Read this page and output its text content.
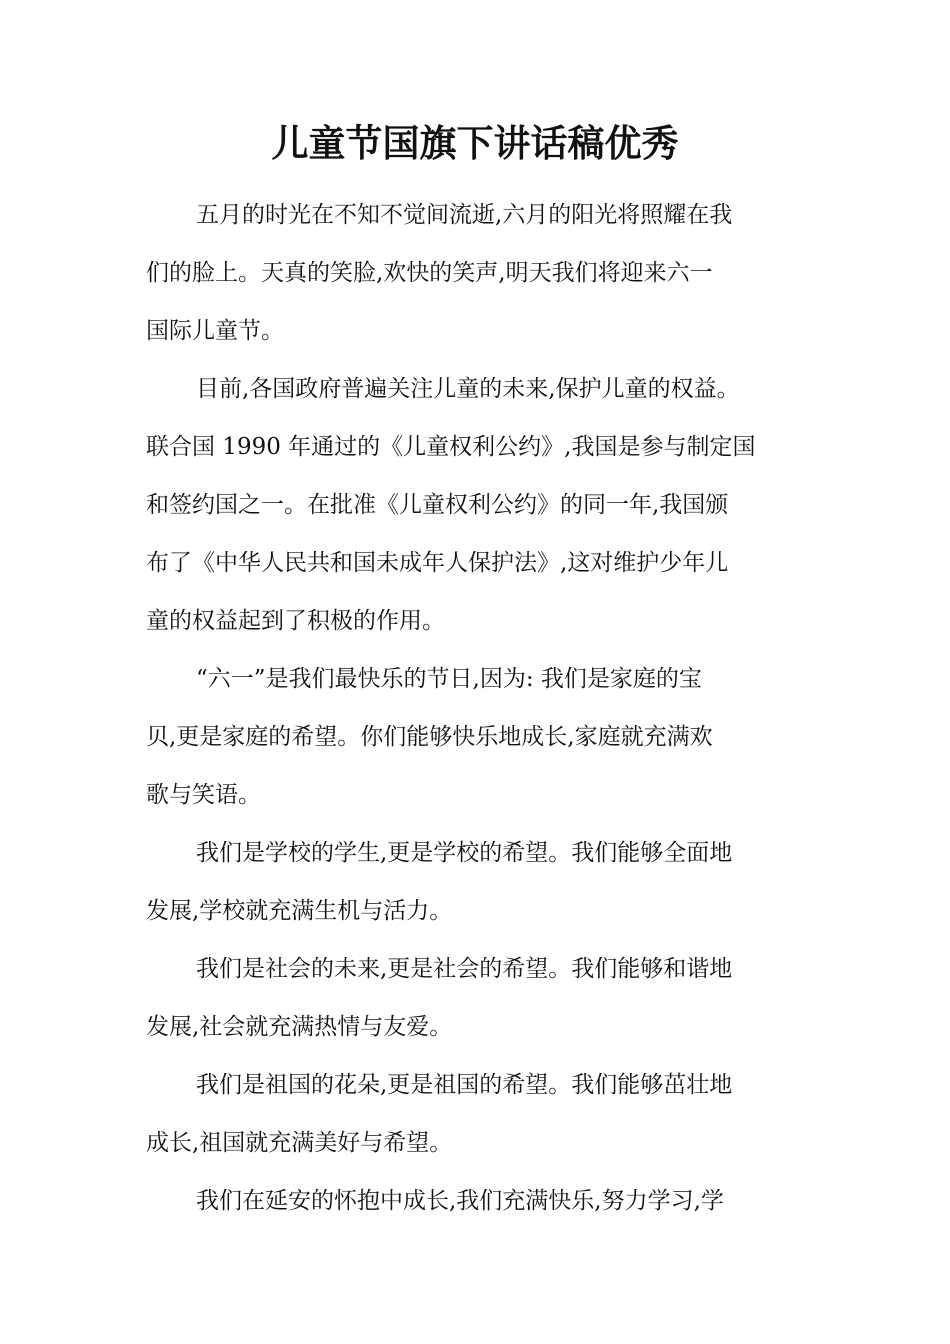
儿童节国旗下讲话稿优秀

五月的时光在不知不觉间流逝,六月的阳光将照耀在我
们的脸上。天真的笑脸,欢快的笑声,明天我们将迎来六一
国际儿童节。

目前,各国政府普遍关注儿童的未来,保护儿童的权益。
联合国 1990 年通过的《儿童权利公约》,我国是参与制定国
和签约国之一。在批准《儿童权利公约》的同一年,我国颁
布了《中华人民共和国未成年人保护法》,这对维护少年儿
童的权益起到了积极的作用。

“六一”是我们最快乐的节日,因为: 我们是家庭的宝
贝,更是家庭的希望。你们能够快乐地成长,家庭就充满欢
歌与笑语。

我们是学校的学生,更是学校的希望。我们能够全面地
发展,学校就充满生机与活力。

我们是社会的未来,更是社会的希望。我们能够和谐地
发展,社会就充满热情与友爱。

我们是祖国的花朵,更是祖国的希望。我们能够茁壮地
成长,祖国就充满美好与希望。

我们在延安的怀抱中成长,我们充满快乐,努力学习,学
